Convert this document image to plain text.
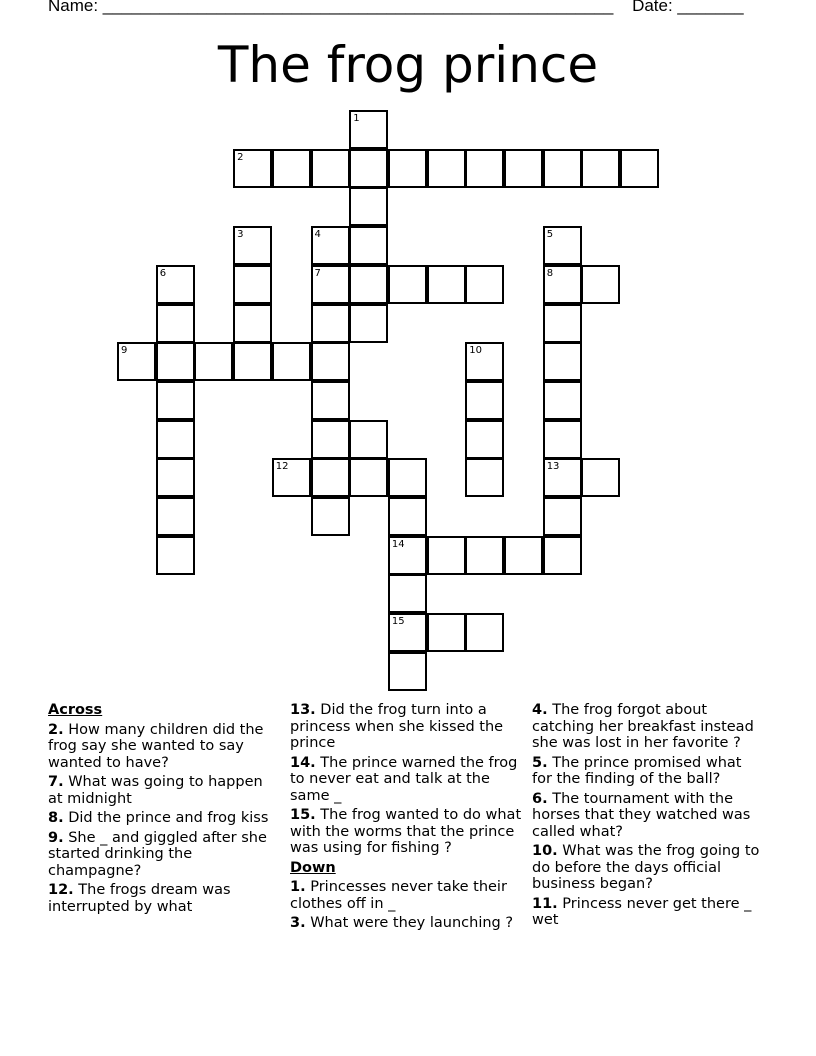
Name: ______________________________________________________ Date: _______
The frog prince
1
2
3	4	5
6	7	8
9	10
12	13
14
15
Across
2. How many children did the frog say she wanted to say wanted to have?
7. What was going to happen at midnight
8. Did the prince and frog kiss
9. She _ and giggled after she started drinking the champagne?
12. The frogs dream was interrupted by what
13. Did the frog turn into a princess when she kissed the prince
14. The prince warned the frog to never eat and talk at the same _
15. The frog wanted to do what with the worms that the prince was using for fishing ?
Down
1. Princesses never take their clothes off in _
3. What were they launching ?
4. The frog forgot about catching her breakfast instead she was lost in her favorite ?
5. The prince promised what for the finding of the ball?
6. The tournament with the horses that they watched was called what?
10. What was the frog going to do before the days official business began?
11. Princess never get there _ wet
